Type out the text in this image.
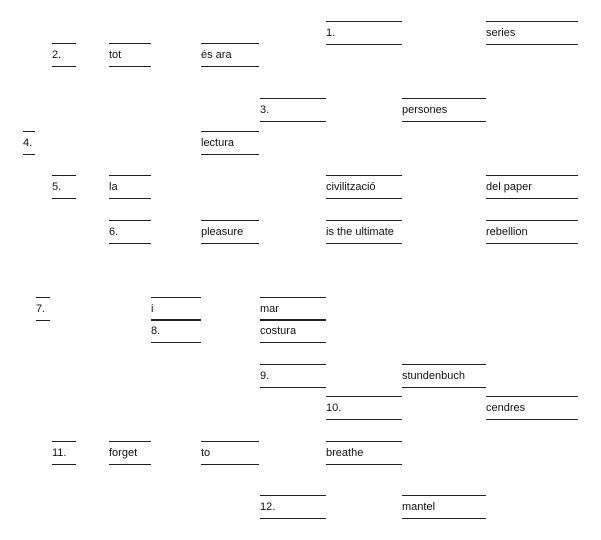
1.	series
2.	tot	és ara
3.	persones
4.	lectura
5.	la	civilització	del paper
6.	pleasure	is the ultimate	rebellion
7.	i	mar
8.	costura
9.	stundenbuch
10.	cendres
11.	forget	to	breathe
12.	mantel
